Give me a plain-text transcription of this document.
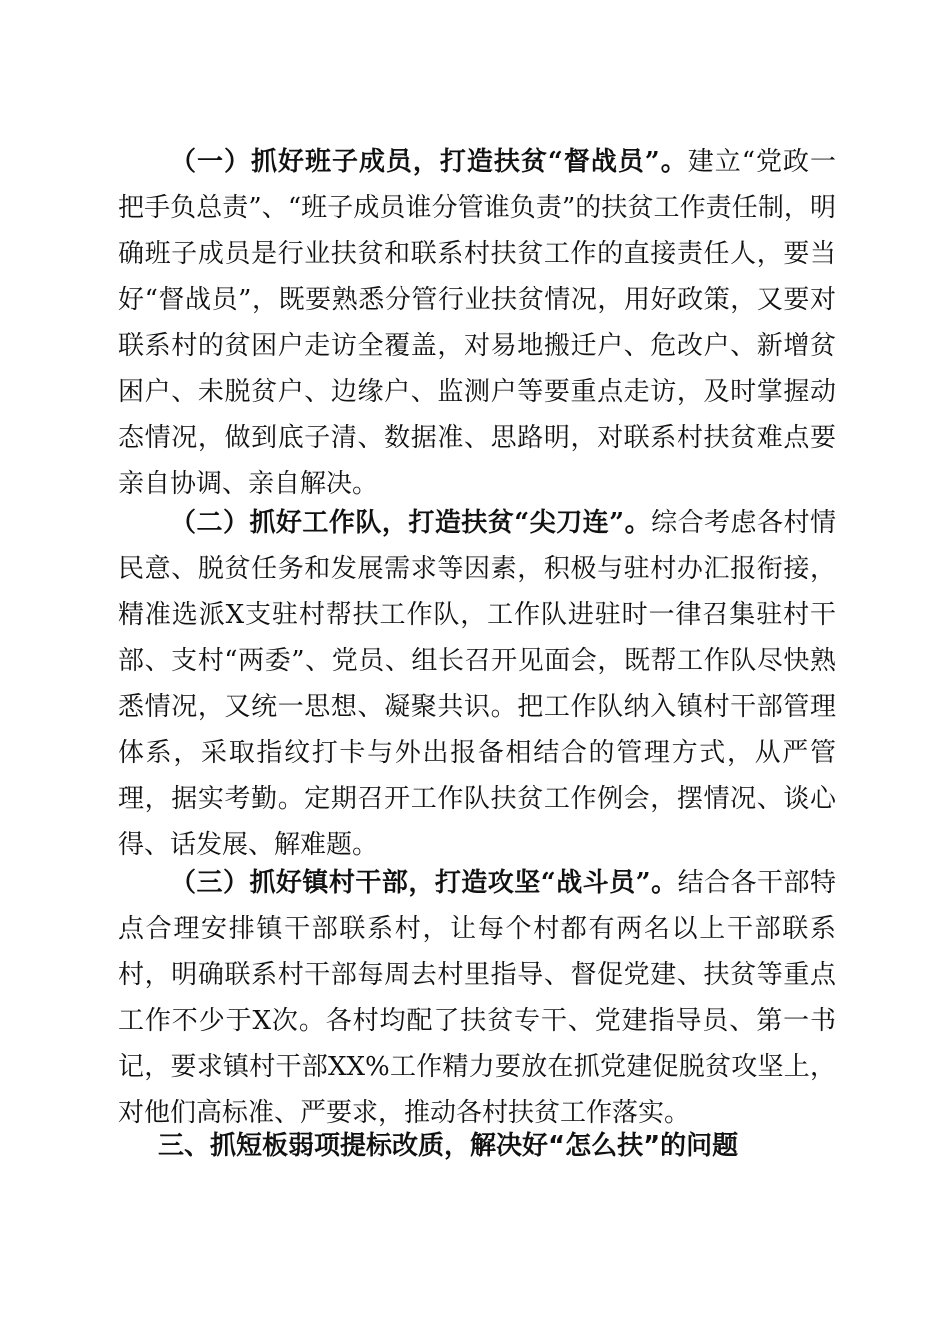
（一）抓好班子成员，打造扶贫“督战员”。建立“党政一把手负总责”、“班子成员谁分管谁负责”的扶贫工作责任制，明确班子成员是行业扶贫和联系村扶贫工作的直接责任人，要当好“督战员”，既要熟悉分管行业扶贫情况，用好政策，又要对联系村的贫困户走访全覆盖，对易地搬迁户、危改户、新增贫困户、未脱贫户、边缘户、监测户等要重点走访，及时掌握动态情况，做到底子清、数据准、思路明，对联系村扶贫难点要亲自协调、亲自解决。

（二）抓好工作队，打造扶贫“尖刀连”。综合考虑各村情民意、脱贫任务和发展需求等因素，积极与驻村办汇报衔接，精准选派X支驻村帮扶工作队，工作队进驻时一律召集驻村干部、支村“两委”、党员、组长召开见面会，既帮工作队尽快熟悉情况，又统一思想、凝聚共识。把工作队纳入镇村干部管理体系，采取指纹打卡与外出报备相结合的管理方式，从严管理，据实考勤。定期召开工作队扶贫工作例会，摆情况、谈心得、话发展、解难题。

（三）抓好镇村干部，打造攻坚“战斗员”。结合各干部特点合理安排镇干部联系村，让每个村都有两名以上干部联系村，明确联系村干部每周去村里指导、督促党建、扶贫等重点工作不少于X次。各村均配了扶贫专干、党建指导员、第一书记，要求镇村干部XX%工作精力要放在抓党建促脱贫攻坚上，对他们高标准、严要求，推动各村扶贫工作落实。

三、抓短板弱项提标改质，解决好“怎么扶”的问题
